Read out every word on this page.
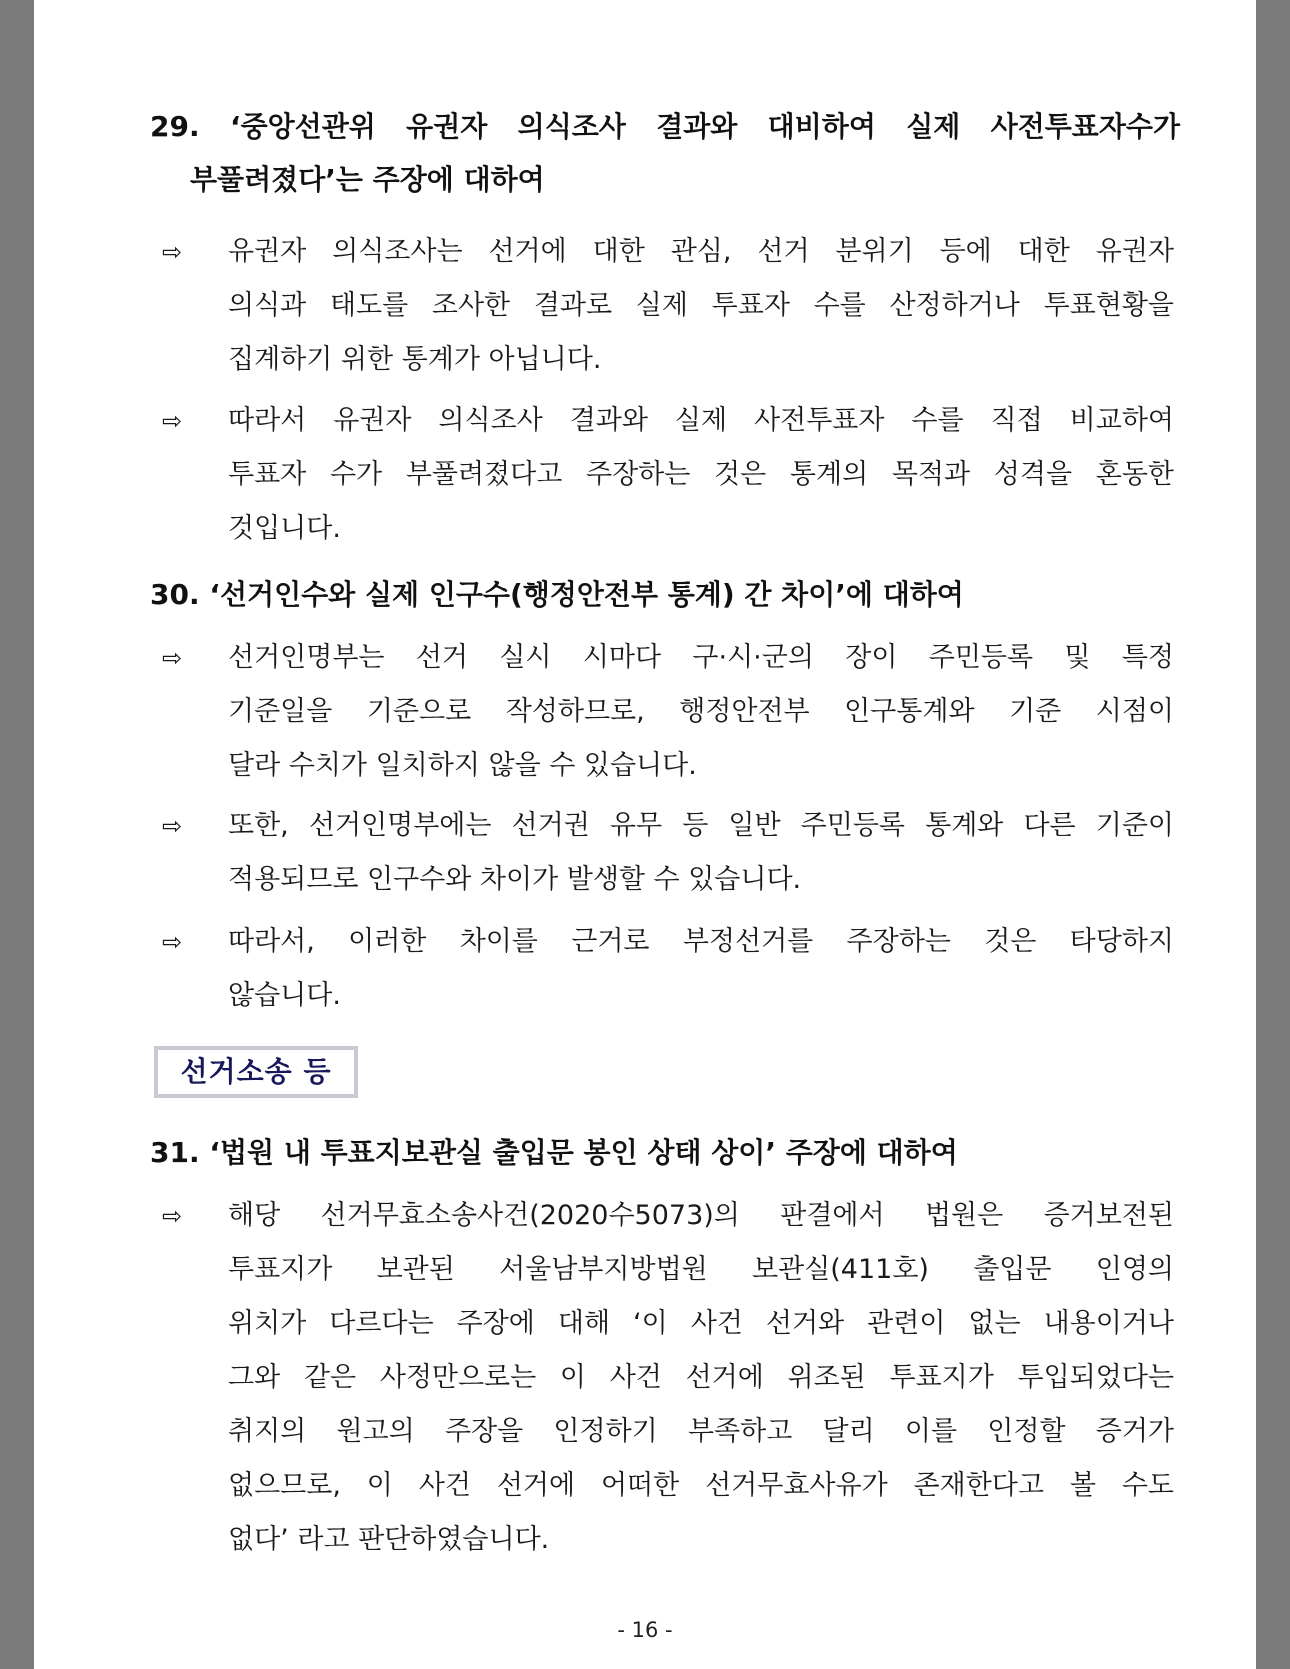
29. ‘중앙선관위 유권자 의식조사 결과와 대비하여 실제 사전투표자수가
부풀려졌다’는 주장에 대하여
⇨	유권자 의식조사는 선거에 대한 관심, 선거 분위기 등에 대한 유권자
의식과 태도를 조사한 결과로 실제 투표자 수를 산정하거나 투표현황을
집계하기 위한 통계가 아닙니다.
⇨	따라서 유권자 의식조사 결과와 실제 사전투표자 수를 직접 비교하여
투표자 수가 부풀려졌다고 주장하는 것은 통계의 목적과 성격을 혼동한
것입니다.
30. ‘선거인수와 실제 인구수(행정안전부 통계) 간 차이’에 대하여
⇨	선거인명부는 선거 실시 시마다 구·시·군의 장이 주민등록 및 특정
기준일을 기준으로 작성하므로, 행정안전부 인구통계와 기준 시점이
달라 수치가 일치하지 않을 수 있습니다.
⇨	또한, 선거인명부에는 선거권 유무 등 일반 주민등록 통계와 다른 기준이
적용되므로 인구수와 차이가 발생할 수 있습니다.
⇨	따라서, 이러한 차이를 근거로 부정선거를 주장하는 것은 타당하지
않습니다.
선거소송 등
31. ‘법원 내 투표지보관실 출입문 봉인 상태 상이’ 주장에 대하여
⇨	해당 선거무효소송사건(2020수5073)의 판결에서 법원은 증거보전된
투표지가 보관된 서울남부지방법원 보관실(411호) 출입문 인영의
위치가 다르다는 주장에 대해 ‘이 사건 선거와 관련이 없는 내용이거나
그와 같은 사정만으로는 이 사건 선거에 위조된 투표지가 투입되었다는
취지의 원고의 주장을 인정하기 부족하고 달리 이를 인정할 증거가
없으므로, 이 사건 선거에 어떠한 선거무효사유가 존재한다고 볼 수도
없다’ 라고 판단하였습니다.
- 16 -
